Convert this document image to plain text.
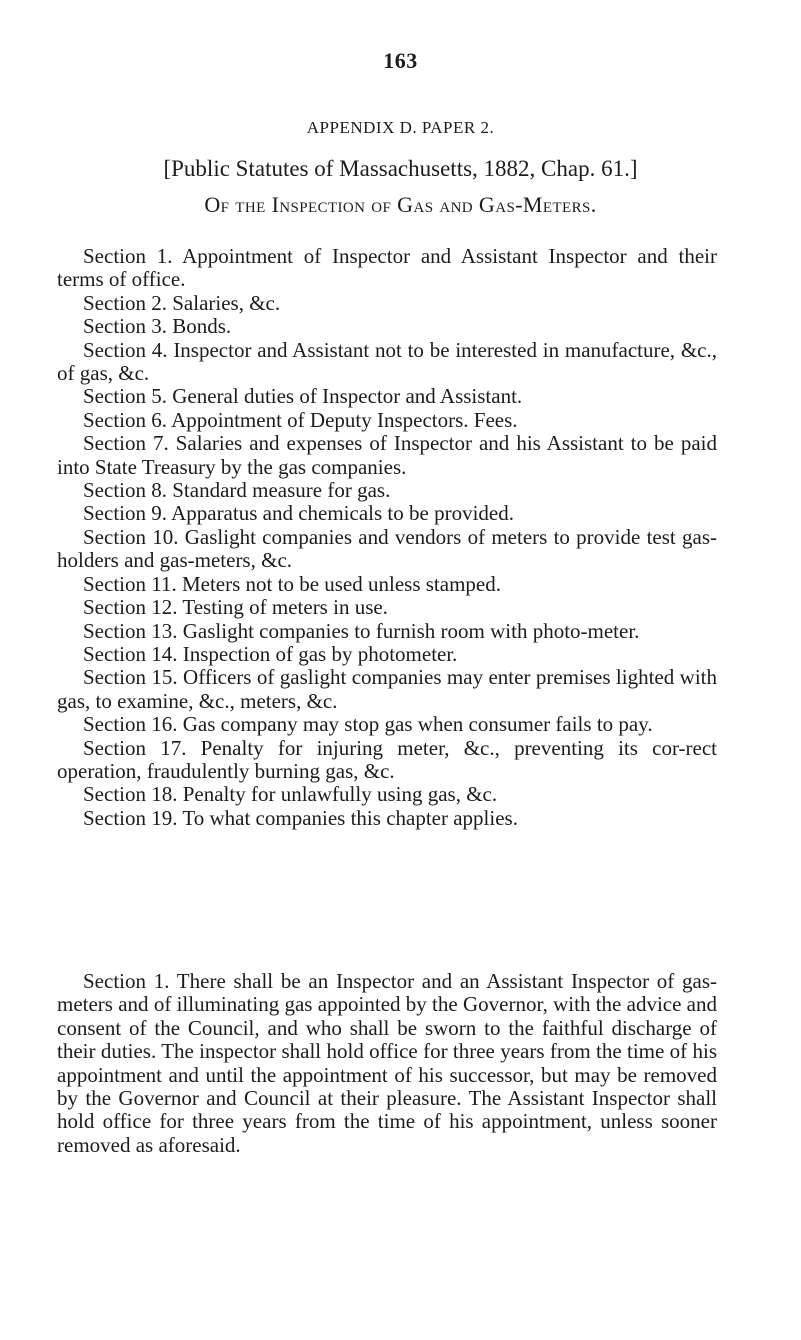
163
APPENDIX D. PAPER 2.
[Public Statutes of Massachusetts, 1882, Chap. 61.]
Of the Inspection of Gas and Gas-Meters.

Section 1. Appointment of Inspector and Assistant Inspector and their terms of office.

Section 2. Salaries, &c.

Section 3. Bonds.

Section 4. Inspector and Assistant not to be interested in manufacture, &c., of gas, &c.

Section 5. General duties of Inspector and Assistant.

Section 6. Appointment of Deputy Inspectors. Fees.

Section 7. Salaries and expenses of Inspector and his Assistant to be paid into State Treasury by the gas companies.

Section 8. Standard measure for gas.

Section 9. Apparatus and chemicals to be provided.

Section 10. Gaslight companies and vendors of meters to provide test gas-holders and gas-meters, &c.

Section 11. Meters not to be used unless stamped.

Section 12. Testing of meters in use.

Section 13. Gaslight companies to furnish room with photo-meter.

Section 14. Inspection of gas by photometer.

Section 15. Officers of gaslight companies may enter premises lighted with gas, to examine, &c., meters, &c.

Section 16. Gas company may stop gas when consumer fails to pay.

Section 17. Penalty for injuring meter, &c., preventing its cor-rect operation, fraudulently burning gas, &c.

Section 18. Penalty for unlawfully using gas, &c.

Section 19. To what companies this chapter applies.

Section 1. There shall be an Inspector and an Assistant Inspector of gas-meters and of illuminating gas appointed by the Governor, with the advice and consent of the Council, and who shall be sworn to the faithful discharge of their duties. The inspector shall hold office for three years from the time of his appointment and until the appointment of his successor, but may be removed by the Governor and Council at their pleasure. The Assistant Inspector shall hold office for three years from the time of his appointment, unless sooner removed as aforesaid.
